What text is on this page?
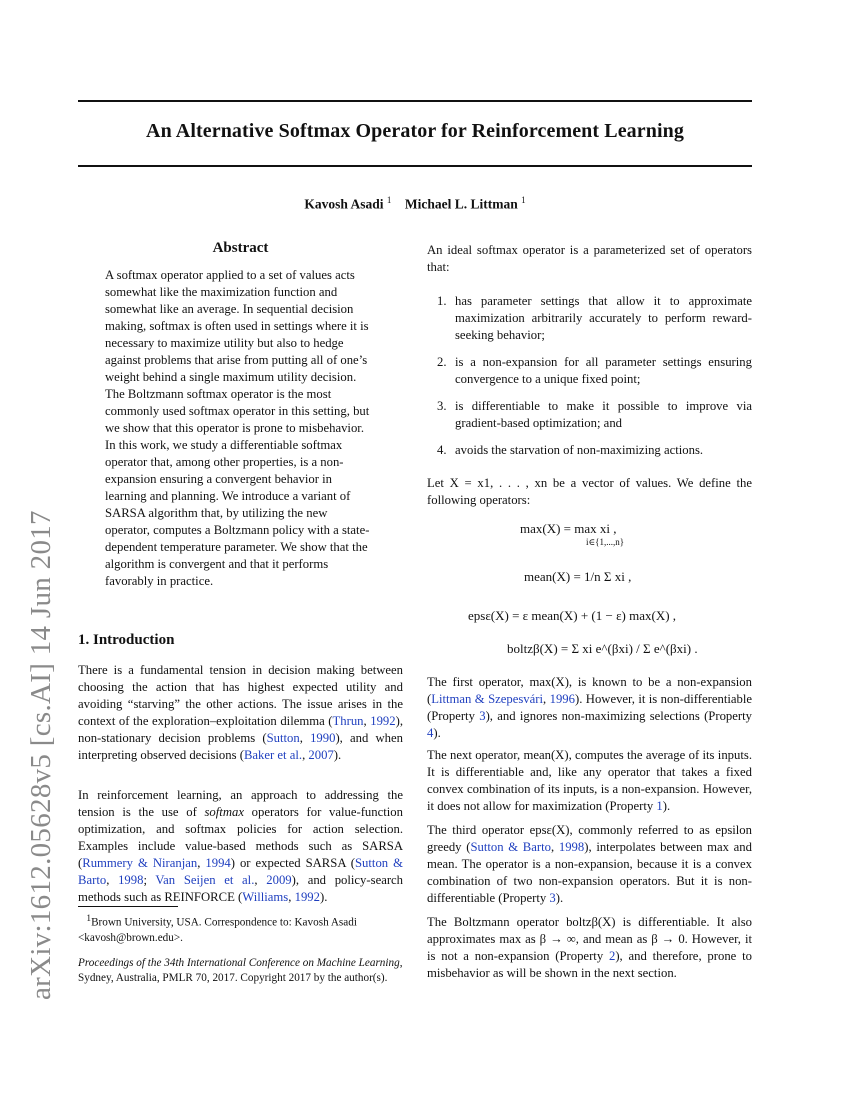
arXiv:1612.05628v5 [cs.AI] 14 Jun 2017
An Alternative Softmax Operator for Reinforcement Learning
Kavosh Asadi $^1$ Michael L. Littman $^1$
Abstract
A softmax operator applied to a set of values acts somewhat like the maximization function and somewhat like an average. In sequential decision making, softmax is often used in settings where it is necessary to maximize utility but also to hedge against problems that arise from putting all of one’s weight behind a single maximum utility decision. The Boltzmann softmax operator is the most commonly used softmax operator in this setting, but we show that this operator is prone to misbehavior. In this work, we study a differentiable softmax operator that, among other properties, is a non-expansion ensuring a convergent behavior in learning and planning. We introduce a variant of SARSA algorithm that, by utilizing the new operator, computes a Boltzmann policy with a state-dependent temperature parameter. We show that the algorithm is convergent and that it performs favorably in practice.
1. Introduction
There is a fundamental tension in decision making between choosing the action that has highest expected utility and avoiding “starving” the other actions. The issue arises in the context of the exploration–exploitation dilemma (Thrun, 1992), non-stationary decision problems (Sutton, 1990), and when interpreting observed decisions (Baker et al., 2007).
In reinforcement learning, an approach to addressing the tension is the use of softmax operators for value-function optimization, and softmax policies for action selection. Examples include value-based methods such as SARSA (Rummery & Niranjan, 1994) or expected SARSA (Sutton & Barto, 1998; Van Seijen et al., 2009), and policy-search methods such as REINFORCE (Williams, 1992).
$^1$Brown University, USA. Correspondence to: Kavosh Asadi <kavosh@brown.edu>.
Proceedings of the 34th International Conference on Machine Learning, Sydney, Australia, PMLR 70, 2017. Copyright 2017 by the author(s).
An ideal softmax operator is a parameterized set of operators that:
1. has parameter settings that allow it to approximate maximization arbitrarily accurately to perform reward-seeking behavior;
2. is a non-expansion for all parameter settings ensuring convergence to a unique fixed point;
3. is differentiable to make it possible to improve via gradient-based optimization; and
4. avoids the starvation of non-maximizing actions.
Let X = x1, . . . , xn be a vector of values. We define the following operators:
max(X) = max xi ,
i∈{1,...,n}
mean(X) = 1/n Σ xi ,
epsε(X) = ε mean(X) + (1 − ε) max(X) ,
boltzβ(X) = Σ xi e^(βxi) / Σ e^(βxi) .
The first operator, max(X), is known to be a non-expansion (Littman & Szepesvári, 1996). However, it is non-differentiable (Property 3), and ignores non-maximizing selections (Property 4).
The next operator, mean(X), computes the average of its inputs. It is differentiable and, like any operator that takes a fixed convex combination of its inputs, is a non-expansion. However, it does not allow for maximization (Property 1).
The third operator epsε(X), commonly referred to as epsilon greedy (Sutton & Barto, 1998), interpolates between max and mean. The operator is a non-expansion, because it is a convex combination of two non-expansion operators. But it is non-differentiable (Property 3).
The Boltzmann operator boltzβ(X) is differentiable. It also approximates max as β → ∞, and mean as β → 0. However, it is not a non-expansion (Property 2), and therefore, prone to misbehavior as will be shown in the next section.
